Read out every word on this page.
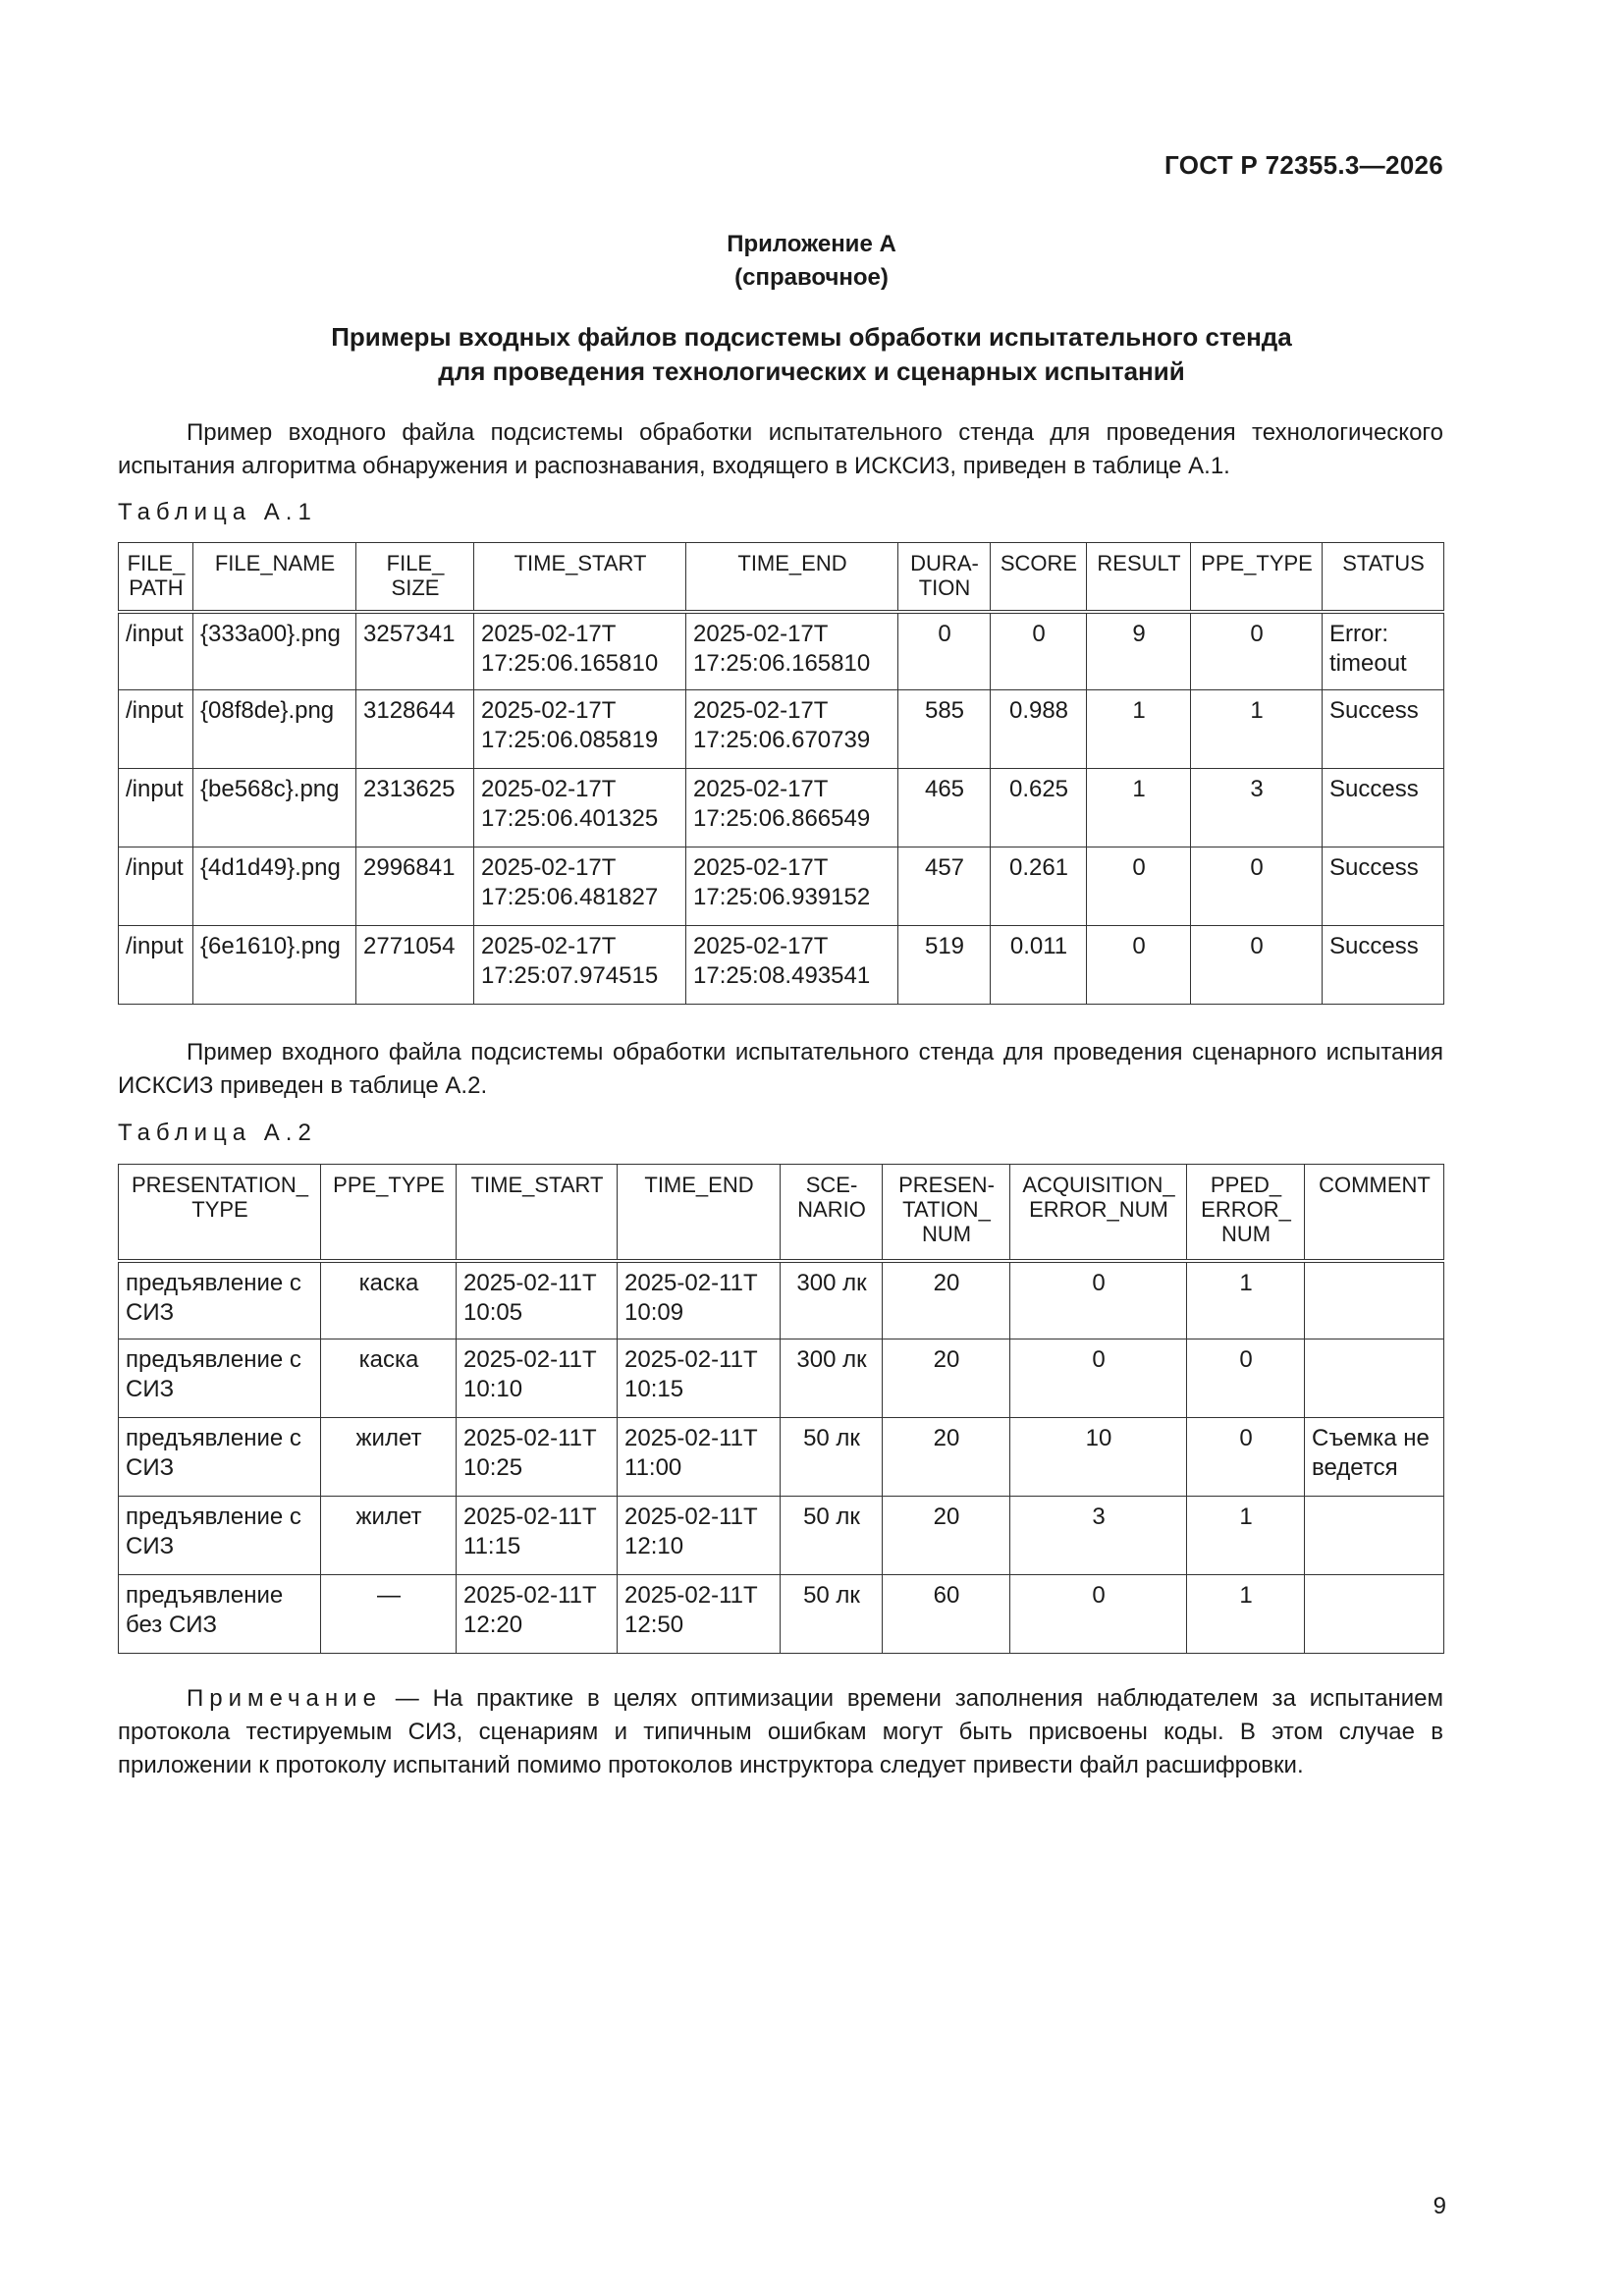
ГОСТ Р 72355.3—2026
Приложение А
(справочное)
Примеры входных файлов подсистемы обработки испытательного стенда
для проведения технологических и сценарных испытаний
Пример входного файла подсистемы обработки испытательного стенда для проведения технологического испытания алгоритма обнаружения и распознавания, входящего в ИСКСИЗ, приведен в таблице А.1.
Таблица А.1
FILE_ PATH	FILE_NAME	FILE_ SIZE	TIME_START	TIME_END	DURA- TION	SCORE	RESULT	PPE_TYPE	STATUS
/input	{333a00}.png	3257341	2025-02-17T 17:25:06.165810	2025-02-17T 17:25:06.165810	0	0	9	0	Error: timeout
/input	{08f8de}.png	3128644	2025-02-17T 17:25:06.085819	2025-02-17T 17:25:06.670739	585	0.988	1	1	Success
/input	{be568c}.png	2313625	2025-02-17T 17:25:06.401325	2025-02-17T 17:25:06.866549	465	0.625	1	3	Success
/input	{4d1d49}.png	2996841	2025-02-17T 17:25:06.481827	2025-02-17T 17:25:06.939152	457	0.261	0	0	Success
/input	{6e1610}.png	2771054	2025-02-17T 17:25:07.974515	2025-02-17T 17:25:08.493541	519	0.011	0	0	Success
Пример входного файла подсистемы обработки испытательного стенда для проведения сценарного испытания ИСКСИЗ приведен в таблице А.2.
Таблица А.2
PRESENTATION_ TYPE	PPE_TYPE	TIME_START	TIME_END	SCE- NARIO	PRESEN- TATION_ NUM	ACQUISITION_ ERROR_NUM	PPED_ ERROR_ NUM	COMMENT
предъявление с СИЗ	каска	2025-02-11T 10:05	2025-02-11T 10:09	300 лк	20	0	1	
предъявление с СИЗ	каска	2025-02-11T 10:10	2025-02-11T 10:15	300 лк	20	0	0	
предъявление с СИЗ	жилет	2025-02-11T 10:25	2025-02-11T 11:00	50 лк	20	10	0	Съемка не ведется
предъявление с СИЗ	жилет	2025-02-11T 11:15	2025-02-11T 12:10	50 лк	20	3	1	
предъявление без СИЗ	—	2025-02-11T 12:20	2025-02-11T 12:50	50 лк	60	0	1	
Примечание — На практике в целях оптимизации времени заполнения наблюдателем за испытанием протокола тестируемым СИЗ, сценариям и типичным ошибкам могут быть присвоены коды. В этом случае в приложении к протоколу испытаний помимо протоколов инструктора следует привести файл расшифровки.
9
